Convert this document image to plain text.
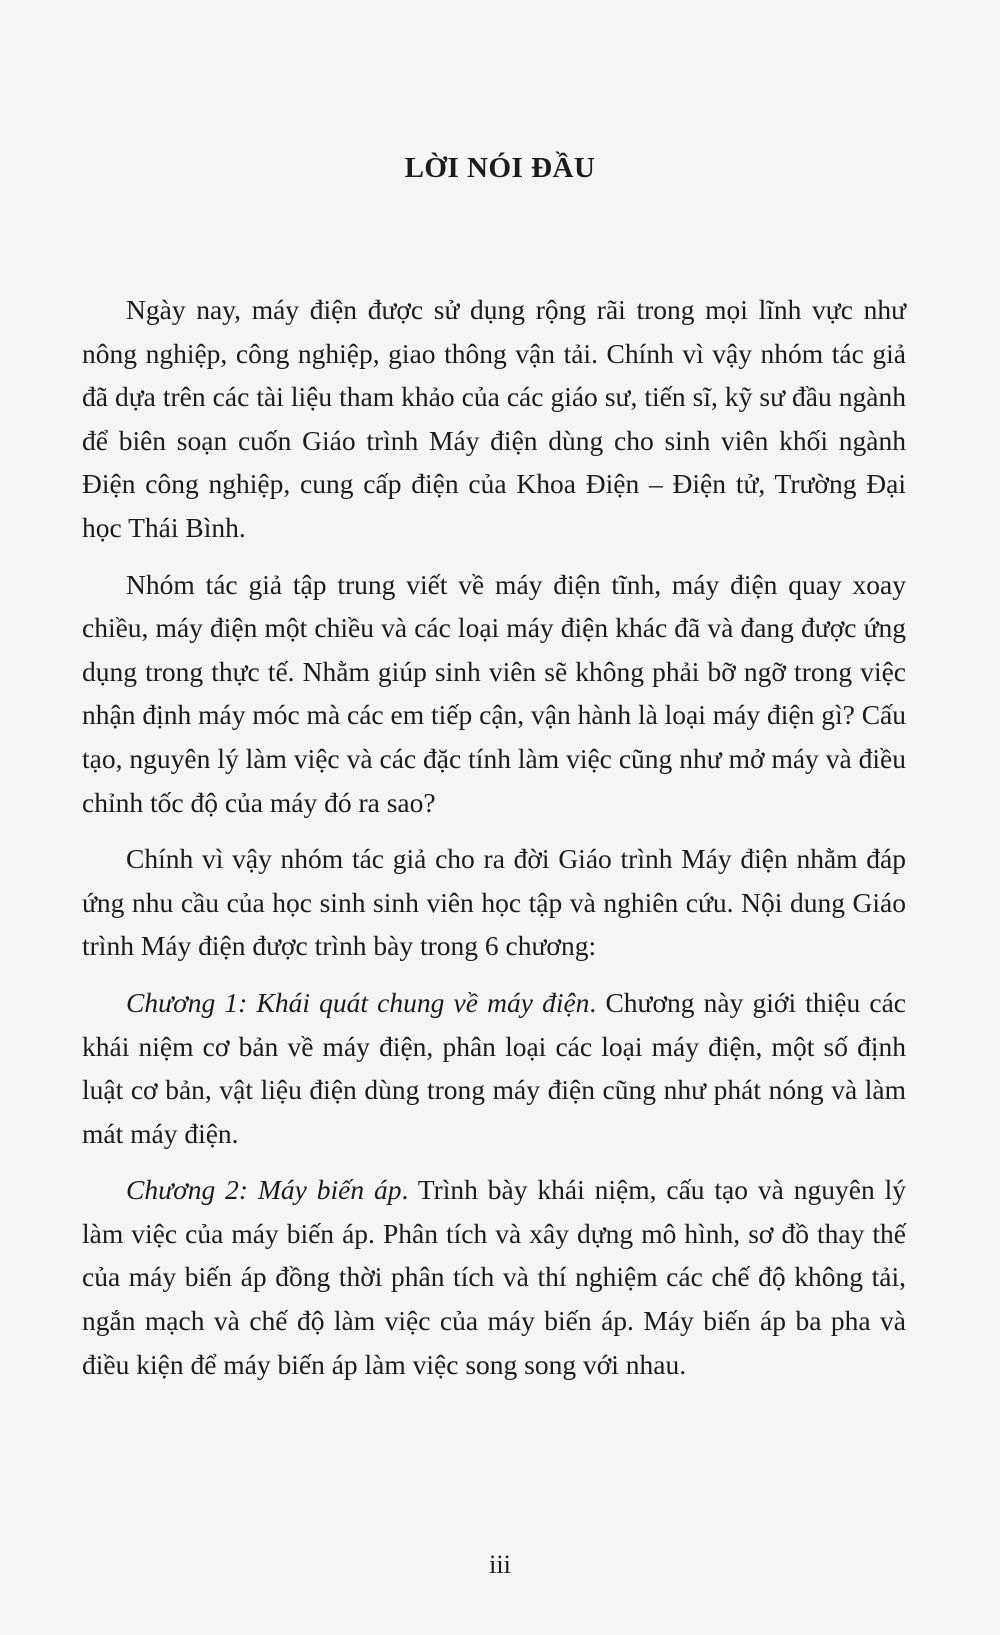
LỜI NÓI ĐẦU

Ngày nay, máy điện được sử dụng rộng rãi trong mọi lĩnh vực như nông nghiệp, công nghiệp, giao thông vận tải. Chính vì vậy nhóm tác giả đã dựa trên các tài liệu tham khảo của các giáo sư, tiến sĩ, kỹ sư đầu ngành để biên soạn cuốn Giáo trình Máy điện dùng cho sinh viên khối ngành Điện công nghiệp, cung cấp điện của Khoa Điện – Điện tử, Trường Đại học Thái Bình.

Nhóm tác giả tập trung viết về máy điện tĩnh, máy điện quay xoay chiều, máy điện một chiều và các loại máy điện khác đã và đang được ứng dụng trong thực tế. Nhằm giúp sinh viên sẽ không phải bỡ ngỡ trong việc nhận định máy móc mà các em tiếp cận, vận hành là loại máy điện gì? Cấu tạo, nguyên lý làm việc và các đặc tính làm việc cũng như mở máy và điều chỉnh tốc độ của máy đó ra sao?

Chính vì vậy nhóm tác giả cho ra đời Giáo trình Máy điện nhằm đáp ứng nhu cầu của học sinh sinh viên học tập và nghiên cứu. Nội dung Giáo trình Máy điện được trình bày trong 6 chương:

Chương 1: Khái quát chung về máy điện. Chương này giới thiệu các khái niệm cơ bản về máy điện, phân loại các loại máy điện, một số định luật cơ bản, vật liệu điện dùng trong máy điện cũng như phát nóng và làm mát máy điện.

Chương 2: Máy biến áp. Trình bày khái niệm, cấu tạo và nguyên lý làm việc của máy biến áp. Phân tích và xây dựng mô hình, sơ đồ thay thế của máy biến áp đồng thời phân tích và thí nghiệm các chế độ không tải, ngắn mạch và chế độ làm việc của máy biến áp. Máy biến áp ba pha và điều kiện để máy biến áp làm việc song song với nhau.

iii
